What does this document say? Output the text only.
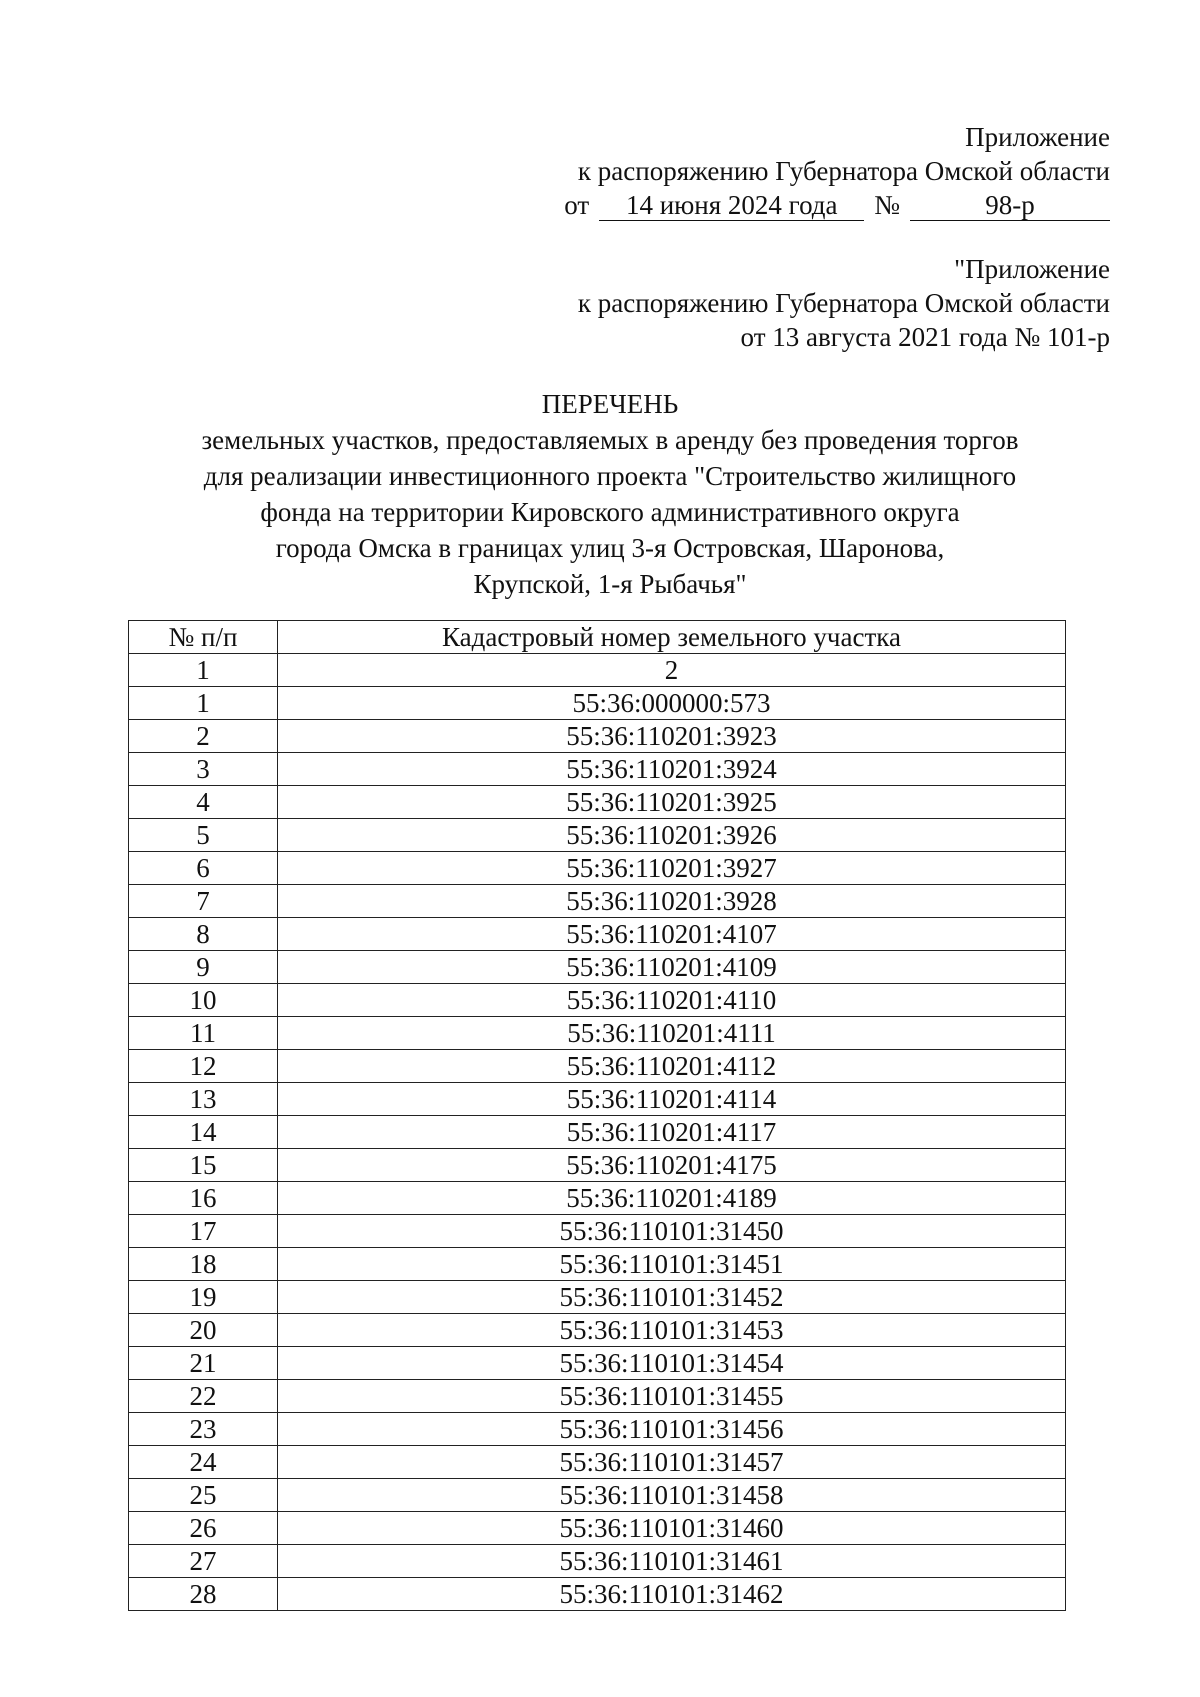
Приложение
к распоряжению Губернатора Омской области
от	14 июня 2024 года	№	98-р
"Приложение
к распоряжению Губернатора Омской области
от 13 августа 2021 года № 101-р
ПЕРЕЧЕНЬ
земельных участков, предоставляемых в аренду без проведения торгов
для реализации инвестиционного проекта "Строительство жилищного
фонда на территории Кировского административного округа
города Омска в границах улиц 3-я Островская, Шаронова,
Крупской, 1-я Рыбачья"
№ п/п	Кадастровый номер земельного участка
1	2
1	55:36:000000:573
2	55:36:110201:3923
3	55:36:110201:3924
4	55:36:110201:3925
5	55:36:110201:3926
6	55:36:110201:3927
7	55:36:110201:3928
8	55:36:110201:4107
9	55:36:110201:4109
10	55:36:110201:4110
11	55:36:110201:4111
12	55:36:110201:4112
13	55:36:110201:4114
14	55:36:110201:4117
15	55:36:110201:4175
16	55:36:110201:4189
17	55:36:110101:31450
18	55:36:110101:31451
19	55:36:110101:31452
20	55:36:110101:31453
21	55:36:110101:31454
22	55:36:110101:31455
23	55:36:110101:31456
24	55:36:110101:31457
25	55:36:110101:31458
26	55:36:110101:31460
27	55:36:110101:31461
28	55:36:110101:31462
